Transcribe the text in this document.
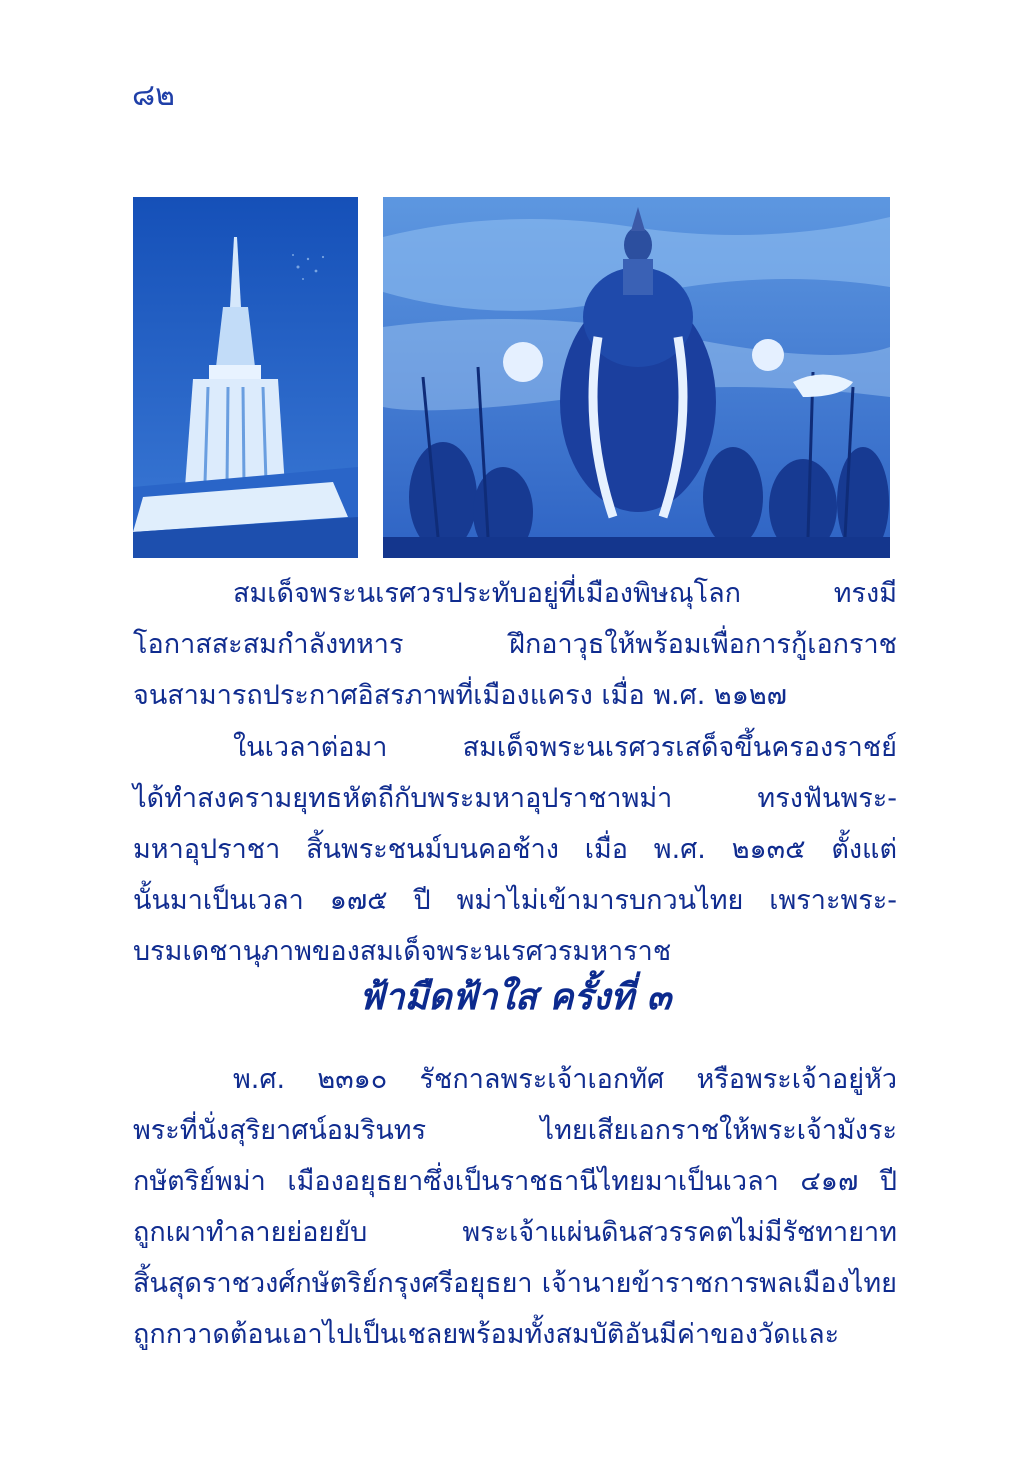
๘๒
สมเด็จพระนเรศวรประทับอยู่ที่เมืองพิษณุโลก ทรงมี
โอกาสสะสมกำลังทหาร ฝึกอาวุธให้พร้อมเพื่อการกู้เอกราช
จนสามารถประกาศอิสรภาพที่เมืองแครง เมื่อ พ.ศ. ๒๑๒๗
ในเวลาต่อมา สมเด็จพระนเรศวรเสด็จขึ้นครองราชย์
ได้ทำสงครามยุทธหัตถีกับพระมหาอุปราชาพม่า ทรงฟันพระ-
มหาอุปราชา สิ้นพระชนม์บนคอช้าง เมื่อ พ.ศ. ๒๑๓๕ ตั้งแต่
นั้นมาเป็นเวลา ๑๗๕ ปี พม่าไม่เข้ามารบกวนไทย เพราะพระ-
บรมเดชานุภาพของสมเด็จพระนเรศวรมหาราช
ฟ้ามืดฟ้าใส ครั้งที่ ๓
พ.ศ. ๒๓๑๐ รัชกาลพระเจ้าเอกทัศ หรือพระเจ้าอยู่หัว
พระที่นั่งสุริยาศน์อมรินทร ไทยเสียเอกราชให้พระเจ้ามังระ
กษัตริย์พม่า เมืองอยุธยาซึ่งเป็นราชธานีไทยมาเป็นเวลา ๔๑๗ ปี
ถูกเผาทำลายย่อยยับ พระเจ้าแผ่นดินสวรรคตไม่มีรัชทายาท
สิ้นสุดราชวงศ์กษัตริย์กรุงศรีอยุธยา เจ้านายข้าราชการพลเมืองไทย
ถูกกวาดต้อนเอาไปเป็นเชลยพร้อมทั้งสมบัติอันมีค่าของวัดและ
